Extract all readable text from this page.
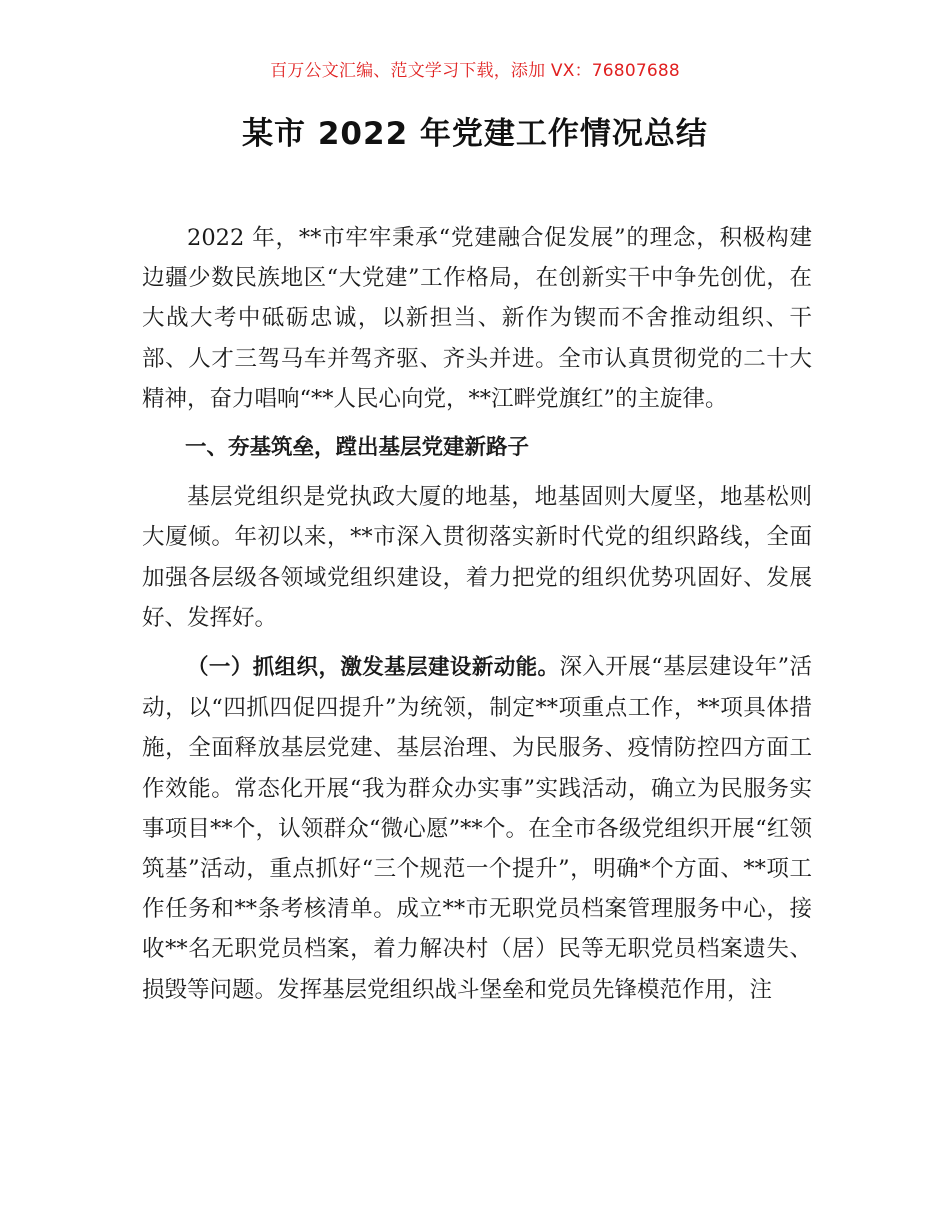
百万公文汇编、范文学习下载，添加 VX：76807688
某市 2022 年党建工作情况总结

2022 年，**市牢牢秉承“党建融合促发展”的理念，积极构建边疆少数民族地区“大党建”工作格局，在创新实干中争先创优，在大战大考中砥砺忠诚，以新担当、新作为锲而不舍推动组织、干部、人才三驾马车并驾齐驱、齐头并进。全市认真贯彻党的二十大精神，奋力唱响“**人民心向党，**江畔党旗红”的主旋律。

一、夯基筑垒，蹚出基层党建新路子

基层党组织是党执政大厦的地基，地基固则大厦坚，地基松则大厦倾。年初以来，**市深入贯彻落实新时代党的组织路线，全面加强各层级各领域党组织建设，着力把党的组织优势巩固好、发展好、发挥好。

（一）抓组织，激发基层建设新动能。深入开展“基层建设年”活动，以“四抓四促四提升”为统领，制定**项重点工作，**项具体措施，全面释放基层党建、基层治理、为民服务、疫情防控四方面工作效能。常态化开展“我为群众办实事”实践活动，确立为民服务实事项目**个，认领群众“微心愿”**个。在全市各级党组织开展“红领筑基”活动，重点抓好“三个规范一个提升”，明确*个方面、**项工作任务和**条考核清单。成立**市无职党员档案管理服务中心，接收**名无职党员档案，着力解决村（居）民等无职党员档案遗失、损毁等问题。发挥基层党组织战斗堡垒和党员先锋模范作用，注
